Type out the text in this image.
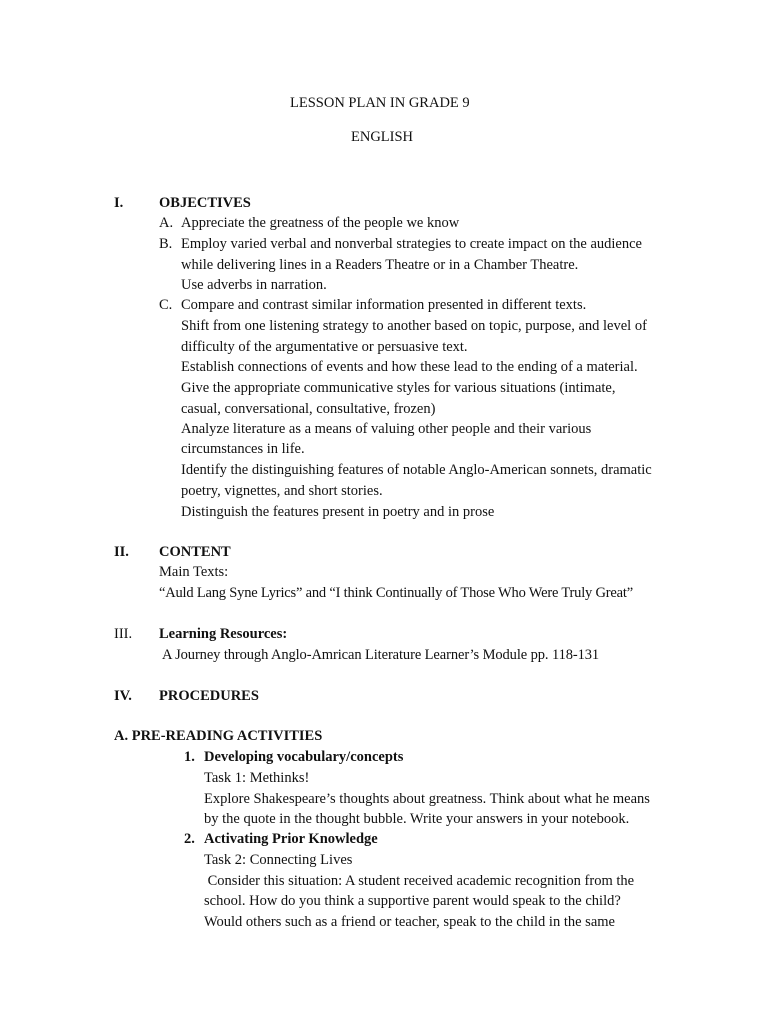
LESSON PLAN IN GRADE 9
ENGLISH
I. OBJECTIVES
A. Appreciate the greatness of the people we know
B. Employ varied verbal and nonverbal strategies to create impact on the audience
while delivering lines in a Readers Theatre or in a Chamber Theatre.
Use adverbs in narration.
C. Compare and contrast similar information presented in different texts.
Shift from one listening strategy to another based on topic, purpose, and level of
difficulty of the argumentative or persuasive text.
Establish connections of events and how these lead to the ending of a material.
Give the appropriate communicative styles for various situations (intimate,
casual, conversational, consultative, frozen)
Analyze literature as a means of valuing other people and their various
circumstances in life.
Identify the distinguishing features of notable Anglo-American sonnets, dramatic
poetry, vignettes, and short stories.
Distinguish the features present in poetry and in prose
II. CONTENT
Main Texts:
“Auld Lang Syne Lyrics” and “I think Continually of Those Who Were Truly Great”
III. Learning Resources:
A Journey through Anglo-Amrican Literature Learner’s Module pp. 118-131
IV. PROCEDURES
A. PRE-READING ACTIVITIES
1. Developing vocabulary/concepts
Task 1: Methinks!
Explore Shakespeare’s thoughts about greatness. Think about what he means
by the quote in the thought bubble. Write your answers in your notebook.
2. Activating Prior Knowledge
Task 2: Connecting Lives
Consider this situation: A student received academic recognition from the
school. How do you think a supportive parent would speak to the child?
Would others such as a friend or teacher, speak to the child in the same
